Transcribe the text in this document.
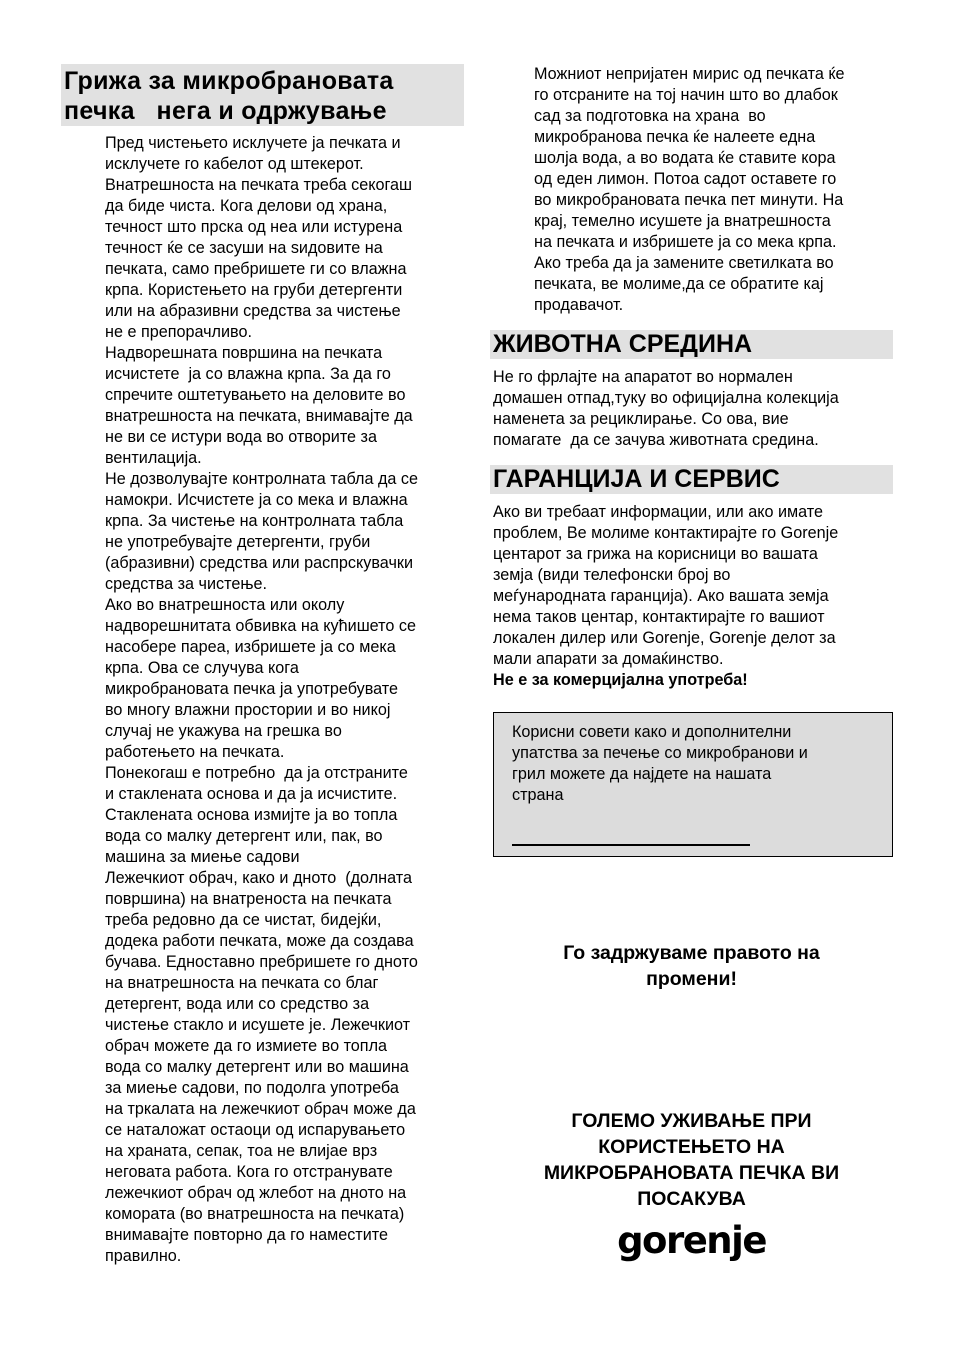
Грижа за микробрановата
печка   нега и одржување
Пред чистењето исклучете ја печката и
исклучете го кабелот од штекерот.
Внатрешноста на печката треба секогаш
да биде чиста. Кога делови од храна,
течност што прска од неа или истурена
течност ќе се засуши на ѕидовите на
печката, само пребришете ги со влажна
крпа. Користењето на груби детергенти
или на абразивни средства за чистење
не е препорачливо.
Надворешната површина на печката
исчистете  ја со влажна крпа. За да го
спречите оштетувањето на деловите во
внатрешноста на печката, внимавајте да
не ви се истури вода во отворите за
вентилација.
Не дозволувајте контролната табла да се
намокри. Исчистете ја со мека и влажна
крпа. За чистење на контролната табла
не употребувајте детергенти, груби
(абразивни) средства или распрскувачки
средства за чистење.
Ако во внатрешноста или околу
надворешнитата обвивка на кућишето се
насобере пареа, избришете ја со мека
крпа. Ова се случува кога
микробрановата печка ја употребувате
во многу влажни простории и во никој
случај не укажува на грешка во
работењето на печката.
Понекогаш е потребно  да ја отстраните
и стаклената основа и да ја исчистите.
Стаклената основа измијте ја во топла
вода со малку детергент или, пак, во
машина за миење садови
Лежечкиот обрач, како и дното  (долната
површина) на внатреноста на печката
треба редовно да се чистат, бидејќи,
додека работи печката, може да создава
бучава. Едноставно пребришете го дното
на внатрешноста на печката со благ
детергент, вода или со средство за
чистење стакло и исушете је. Лежечкиот
обрач можете да го измиете во топла
вода со малку детергент или во машина
за миење садови, по подолга употреба
на тркалата на лежечкиот обрач може да
се наталожат остаоци од испарувањето
на храната, сепак, тоа не влијае врз
неговата работа. Кога го отстранувате
лежечкиот обрач од жлебот на дното на
комората (во внатрешноста на печката)
внимавајте повторно да го наместите
правилно.
Можниот непријатен мирис од печката ќе
го отсраните на тој начин што во длабок
сад за подготовка на храна  во
микробранова печка ќе налеете една
шолја вода, а во водата ќе ставите кора
од еден лимон. Потоа садот оставете го
во микробрановата печка пет минути. На
крај, темелно исушете ја внатрешноста
на печката и избришете ја со мека крпа.
Ако треба да ја замените светилката во
печката, ве молиме,да се обратите кај
продавачот.
ЖИВОТНА СРЕДИНА
Не го фрлајте на апаратот во нормален
домашен отпад,туку во официјална колекција
наменета за рециклирање. Со ова, вие
помагате  да се зачува животната средина.
ГАРАНЦИЈА И СЕРВИС
Ако ви требаат информации, или ако имате
проблем, Ве молиме контактирајте го Gorenje
центарот за грижа на корисници во вашата
земја (види телефонски број во
меѓународната гаранција). Ако вашата земја
нема таков центар, контактирајте го вашиот
локален дилер или Gorenje, Gorenje делот за
мали апарати за домаќинство.
Не е за комерцијална употреба!
Корисни совети како и дополнителни
упатства за печење со микробранови и
грил можете да најдете на нашата
страна
Го задржуваме правото на
промени!
ГОЛЕМО УЖИВАЊЕ ПРИ
КОРИСТЕЊЕТО НА
МИКРОБРАНОВАТА ПЕЧКА ВИ
ПОСАКУВА
gorenje
